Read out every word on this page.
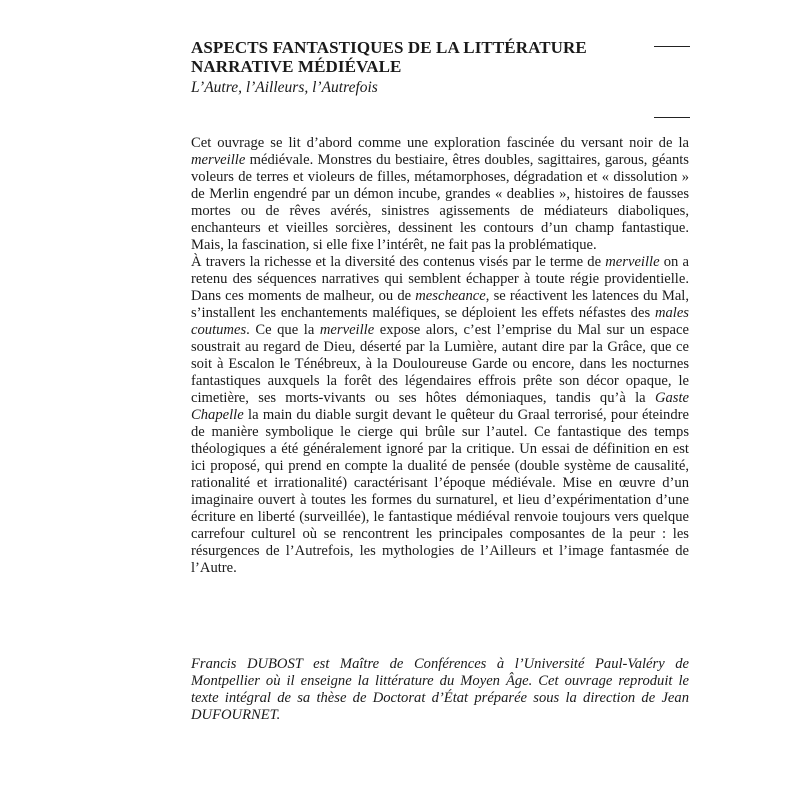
ASPECTS FANTASTIQUES DE LA LITTÉRATURE
NARRATIVE MÉDIÉVALE

L’Autre, l’Ailleurs, l’Autrefois

Cet ouvrage se lit d’abord comme une exploration fascinée du versant noir de la merveille médiévale. Monstres du bestiaire, êtres doubles, sagittaires, garous, géants voleurs de terres et violeurs de filles, métamorphoses, dégradation et « dissolution » de Merlin engendré par un démon incube, grandes « deablies », histoires de fausses mortes ou de rêves avérés, sinistres agissements de médiateurs diaboliques, enchanteurs et vieilles sorcières, dessinent les contours d’un champ fantastique. Mais, la fascination, si elle fixe l’intérêt, ne fait pas la problématique.

À travers la richesse et la diversité des contenus visés par le terme de merveille on a retenu des séquences narratives qui semblent échapper à toute régie providentielle. Dans ces moments de malheur, ou de mescheance, se réactivent les latences du Mal, s’installent les enchantements maléfiques, se déploient les effets néfastes des males coutumes. Ce que la merveille expose alors, c’est l’emprise du Mal sur un espace soustrait au regard de Dieu, déserté par la Lumière, autant dire par la Grâce, que ce soit à Escalon le Ténébreux, à la Douloureuse Garde ou encore, dans les nocturnes fantastiques auxquels la forêt des légendaires effrois prête son décor opaque, le cimetière, ses morts-vivants ou ses hôtes démoniaques, tandis qu’à la Gaste Chapelle la main du diable surgit devant le quêteur du Graal terrorisé, pour éteindre de manière symbolique le cierge qui brûle sur l’autel. Ce fantastique des temps théologiques a été généralement ignoré par la critique. Un essai de définition en est ici proposé, qui prend en compte la dualité de pensée (double système de causalité, rationalité et irrationalité) caractérisant l’époque médiévale. Mise en œuvre d’un imaginaire ouvert à toutes les formes du surnaturel, et lieu d’expérimentation d’une écriture en liberté (surveillée), le fantastique médiéval renvoie toujours vers quelque carrefour culturel où se rencontrent les principales composantes de la peur : les résurgences de l’Autrefois, les mythologies de l’Ailleurs et l’image fantasmée de l’Autre.

Francis DUBOST est Maître de Conférences à l’Université Paul-Valéry de Montpellier où il enseigne la littérature du Moyen Âge. Cet ouvrage reproduit le texte intégral de sa thèse de Doctorat d’État préparée sous la direction de Jean DUFOURNET.
